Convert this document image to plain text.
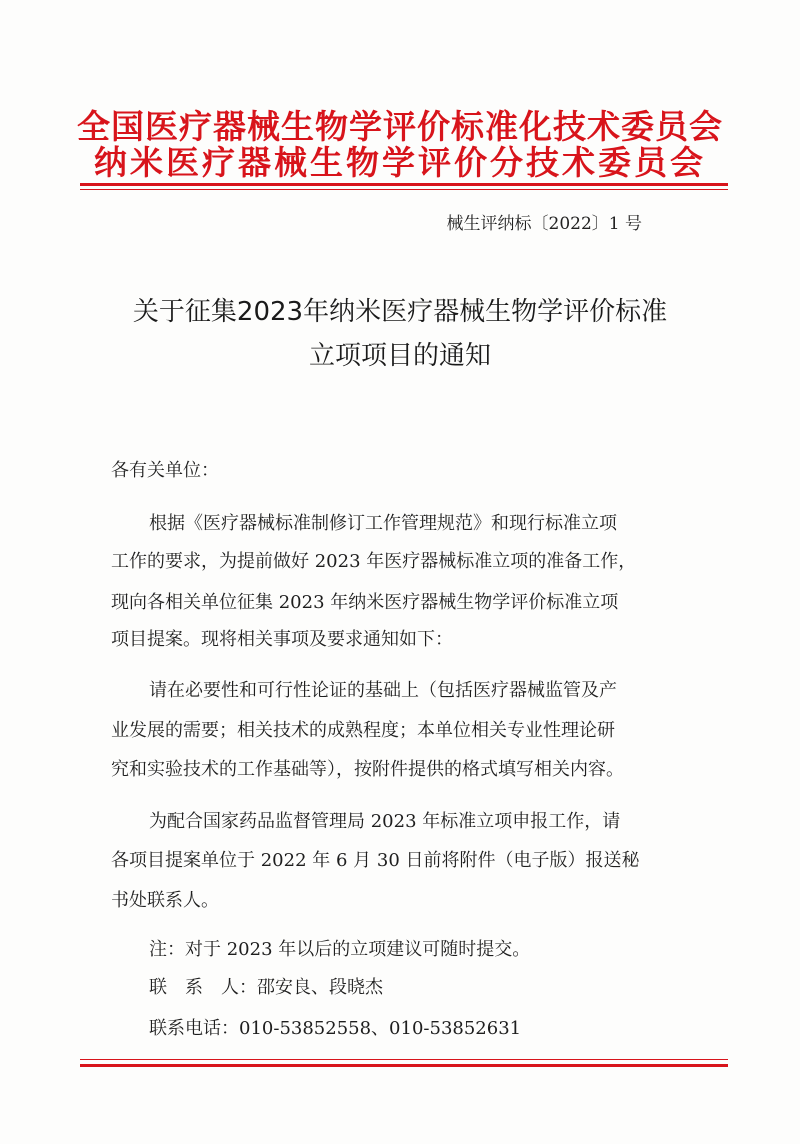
全国医疗器械生物学评价标准化技术委员会
纳米医疗器械生物学评价分技术委员会
械生评纳标〔2022〕1 号
关于征集2023年纳米医疗器械生物学评价标准
立项项目的通知
各有关单位：
根据《医疗器械标准制修订工作管理规范》和现行标准立项
工作的要求，为提前做好 2023 年医疗器械标准立项的准备工作，
现向各相关单位征集 2023 年纳米医疗器械生物学评价标准立项
项目提案。现将相关事项及要求通知如下：
请在必要性和可行性论证的基础上（包括医疗器械监管及产
业发展的需要；相关技术的成熟程度；本单位相关专业性理论研
究和实验技术的工作基础等），按附件提供的格式填写相关内容。
为配合国家药品监督管理局 2023 年标准立项申报工作，请
各项目提案单位于 2022 年 6 月 30 日前将附件（电子版）报送秘
书处联系人。
注：对于 2023 年以后的立项建议可随时提交。
联　系　人：邵安良、段晓杰
联系电话：010-53852558、010-53852631
